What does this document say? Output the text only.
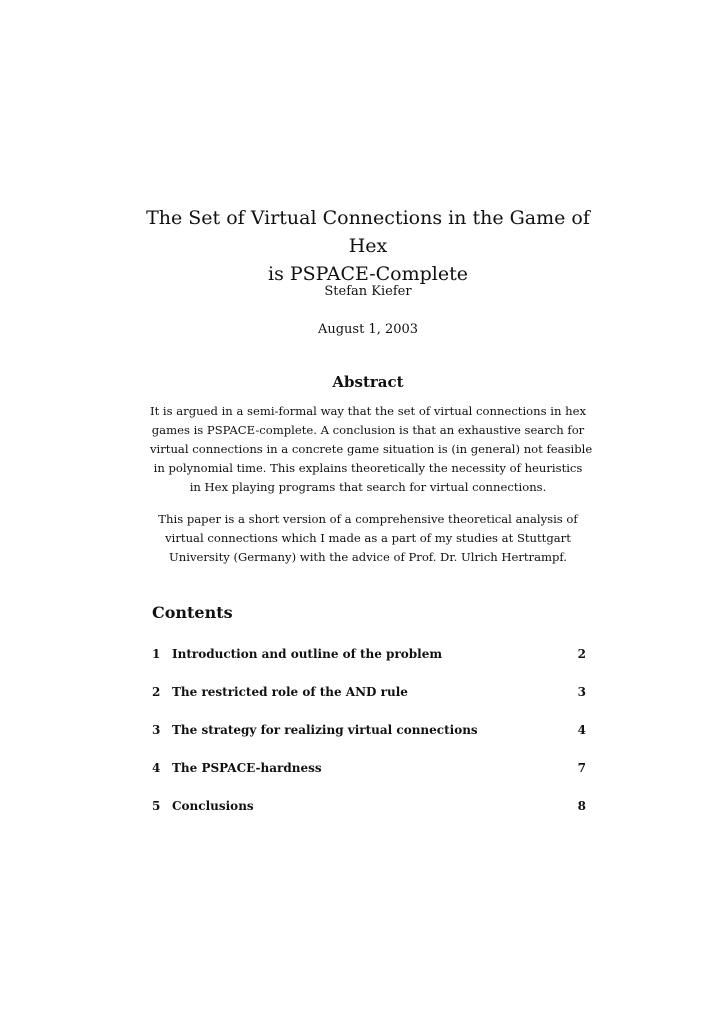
The Set of Virtual Connections in the Game of Hex
is PSPACE-Complete
Stefan Kiefer
August 1, 2003
Abstract

It is argued in a semi-formal way that the set of virtual connections in hex
games is PSPACE-complete. A conclusion is that an exhaustive search for
virtual connections in a concrete game situation is (in general) not feasible
in polynomial time. This explains theoretically the necessity of heuristics
in Hex playing programs that search for virtual connections.

This paper is a short version of a comprehensive theoretical analysis of
virtual connections which I made as a part of my studies at Stuttgart
University (Germany) with the advice of Prof. Dr. Ulrich Hertrampf.

Contents
1 Introduction and outline of the problem	2
2 The restricted role of the AND rule	3
3 The strategy for realizing virtual connections	4
4 The PSPACE-hardness	7
5 Conclusions	8
